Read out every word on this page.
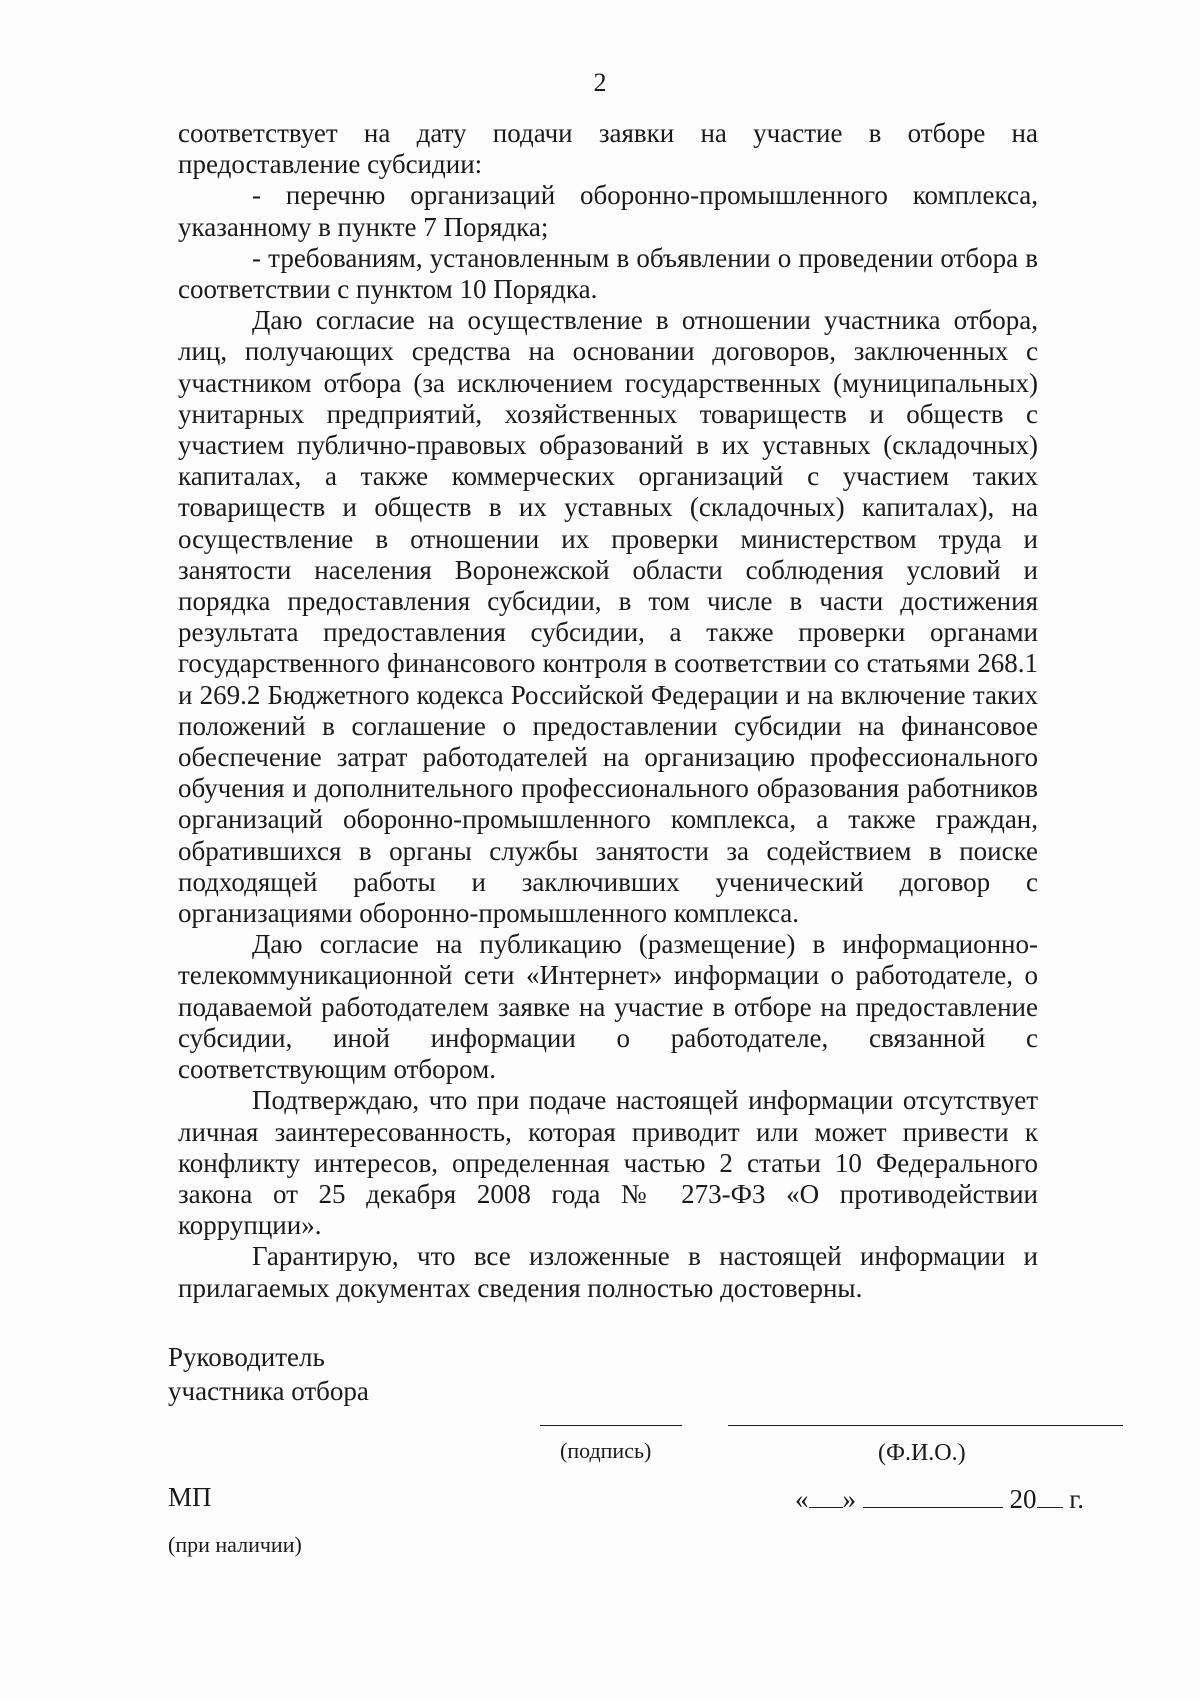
2

соответствует на дату подачи заявки на участие в отборе на предоставление субсидии:

- перечню организаций оборонно-промышленного комплекса, указанному в пункте 7 Порядка;

- требованиям, установленным в объявлении о проведении отбора в соответствии с пунктом 10 Порядка.

Даю согласие на осуществление в отношении участника отбора, лиц, получающих средства на основании договоров, заключенных с участником отбора (за исключением государственных (муниципальных) унитарных предприятий, хозяйственных товариществ и обществ с участием публично-правовых образований в их уставных (складочных) капиталах, а также коммерческих организаций с участием таких товариществ и обществ в их уставных (складочных) капиталах), на осуществление в отношении их проверки министерством труда и занятости населения Воронежской области соблюдения условий и порядка предоставления субсидии, в том числе в части достижения результата предоставления субсидии, а также проверки органами государственного финансового контроля в соответствии со статьями 268.1 и 269.2 Бюджетного кодекса Российской Федерации и на включение таких положений в соглашение о предоставлении субсидии на финансовое обеспечение затрат работодателей на организацию профессионального обучения и дополнительного профессионального образования работников организаций оборонно-промышленного комплекса, а также граждан, обратившихся в органы службы занятости за содействием в поиске подходящей работы и заключивших ученический договор с организациями оборонно-промышленного комплекса.

Даю согласие на публикацию (размещение) в информационно-телекоммуникационной сети «Интернет» информации о работодателе, о подаваемой работодателем заявке на участие в отборе на предоставление субсидии, иной информации о работодателе, связанной с соответствующим отбором.

Подтверждаю, что при подаче настоящей информации отсутствует личная заинтересованность, которая приводит или может привести к конфликту интересов, определенная частью 2 статьи 10 Федерального закона от 25 декабря 2008 года № 273-ФЗ «О противодействии коррупции».

Гарантирую, что все изложенные в настоящей информации и прилагаемых документах сведения полностью достоверны.

Руководитель
участника отбора
(подпись)	(Ф.И.О.)
МП
(при наличии)
« »	20 г.
